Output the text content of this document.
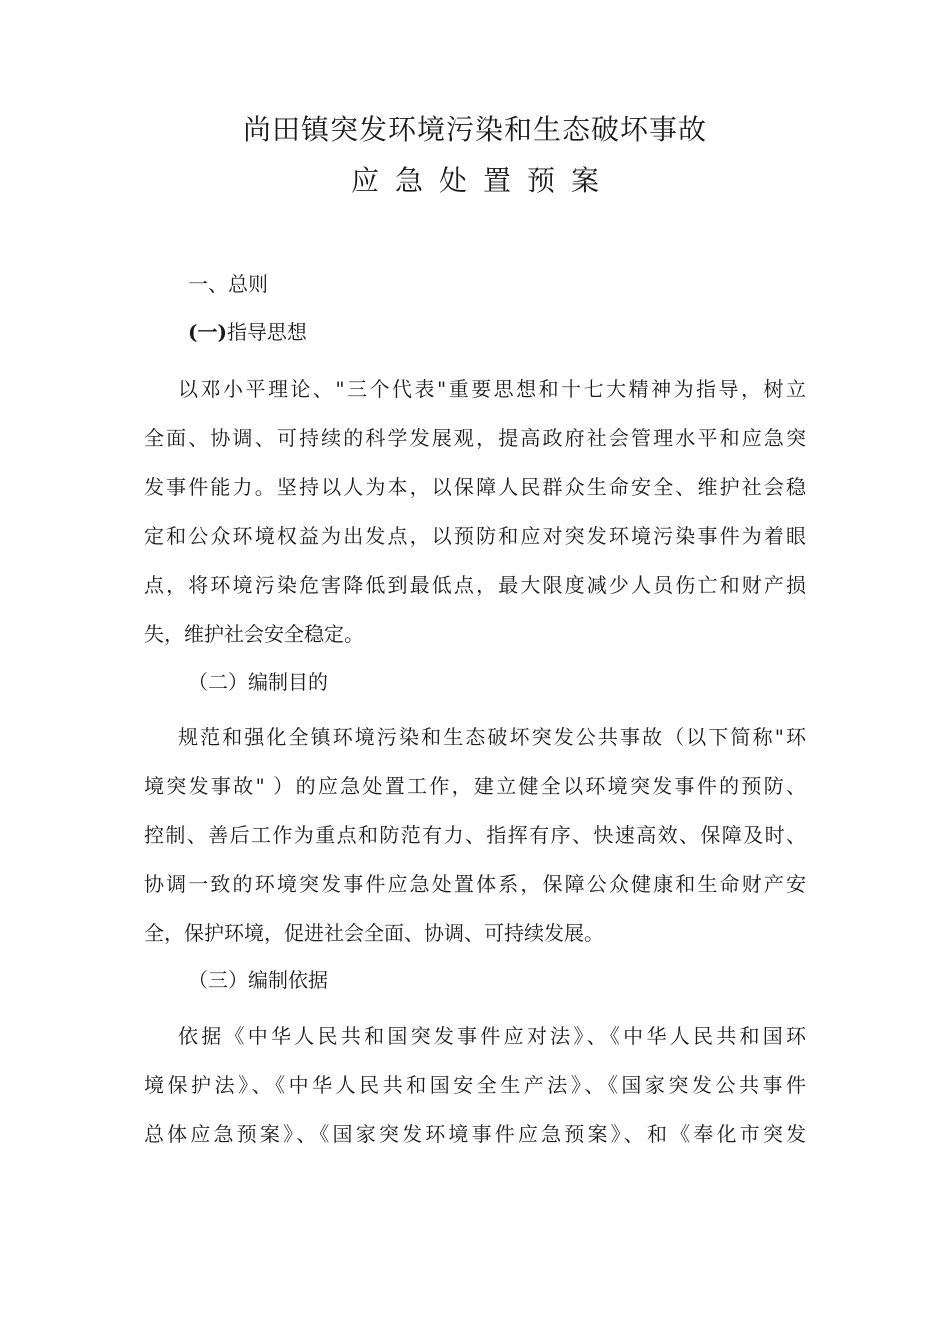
尚田镇突发环境污染和生态破坏事故
应急处置预案
一、总则
(一)指导思想
以邓小平理论、"三个代表"重要思想和十七大精神为指导，树立
全面、协调、可持续的科学发展观，提高政府社会管理水平和应急突
发事件能力。坚持以人为本，以保障人民群众生命安全、维护社会稳
定和公众环境权益为出发点，以预防和应对突发环境污染事件为着眼
点，将环境污染危害降低到最低点，最大限度减少人员伤亡和财产损
失，维护社会安全稳定。
（二）编制目的
规范和强化全镇环境污染和生态破坏突发公共事故（以下简称"环
境突发事故" ）的应急处置工作，建立健全以环境突发事件的预防、
控制、善后工作为重点和防范有力、指挥有序、快速高效、保障及时、
协调一致的环境突发事件应急处置体系，保障公众健康和生命财产安
全，保护环境，促进社会全面、协调、可持续发展。
（三）编制依据
依据《中华人民共和国突发事件应对法》、《中华人民共和国环
境保护法》、《中华人民共和国安全生产法》、《国家突发公共事件
总体应急预案》、《国家突发环境事件应急预案》、和《奉化市突发
